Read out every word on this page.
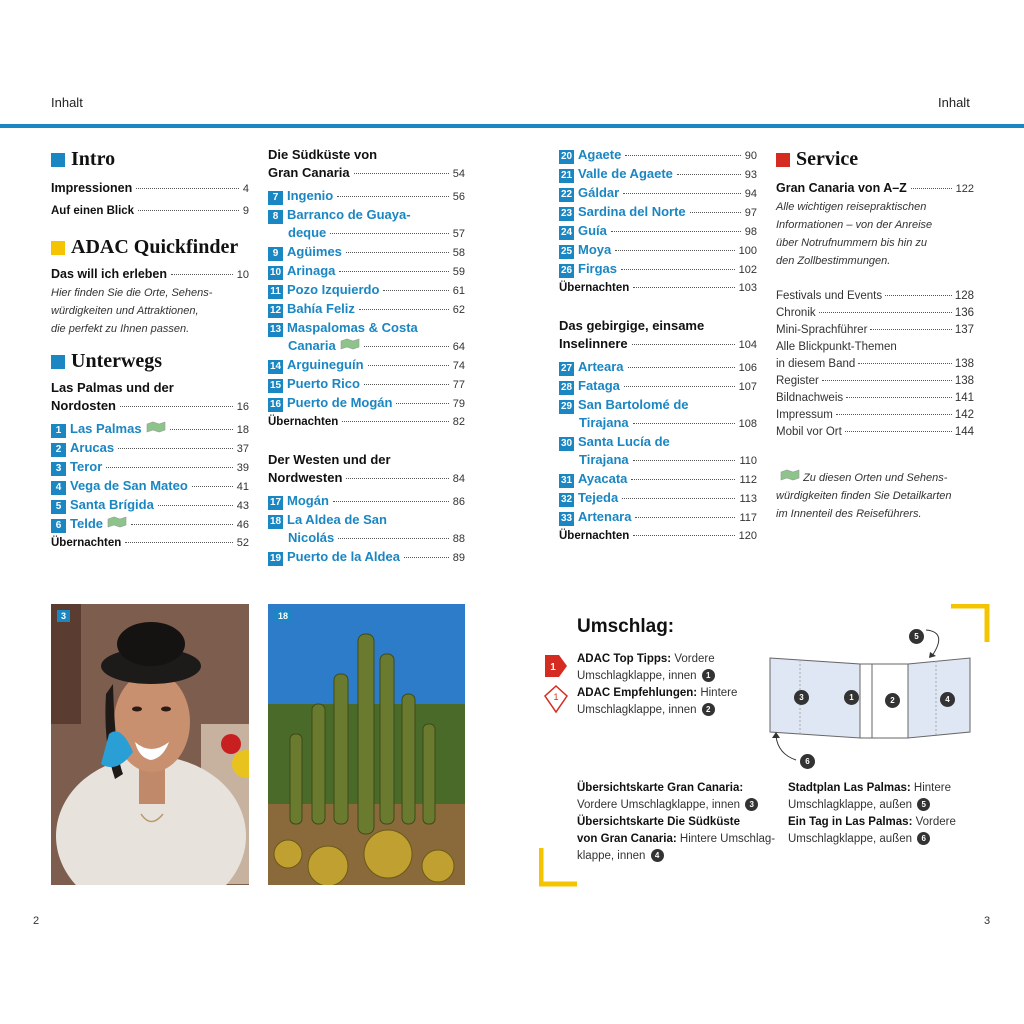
Inhalt	Inhalt
Intro
Impressionen	4
Auf einen Blick	9
ADAC Quickfinder
Das will ich erleben	10
Hier finden Sie die Orte, Sehens-
würdigkeiten und Attraktionen,
die perfekt zu Ihnen passen.
Unterwegs
Las Palmas und der
Nordosten	16
1 Las Palmas	18
2 Arucas	37
3 Teror	39
4 Vega de San Mateo	41
5 Santa Brígida	43
6 Telde	46
Übernachten	52
Die Südküste von
Gran Canaria	54
7 Ingenio	56
8 Barranco de Guaya-
deque	57
9 Agüimes	58
10 Arinaga	59
11 Pozo Izquierdo	61
12 Bahía Feliz	62
13 Maspalomas & Costa
Canaria	64
14 Arguineguín	74
15 Puerto Rico	77
16 Puerto de Mogán	79
Übernachten	82
Der Westen und der
Nordwesten	84
17 Mogán	86
18 La Aldea de San
Nicolás	88
19 Puerto de la Aldea	89
20 Agaete	90
21 Valle de Agaete	93
22 Gáldar	94
23 Sardina del Norte	97
24 Guía	98
25 Moya	100
26 Firgas	102
Übernachten	103
Das gebirgige, einsame
Inselinnere	104
27 Arteara	106
28 Fataga	107
29 San Bartolomé de
Tirajana	108
30 Santa Lucía de
Tirajana	110
31 Ayacata	112
32 Tejeda	113
33 Artenara	117
Übernachten	120
Service
Gran Canaria von A–Z	122
Alle wichtigen reisepraktischen
Informationen – von der Anreise
über Notrufnummern bis hin zu
den Zollbestimmungen.
Festivals und Events	128
Chronik	136
Mini-Sprachführer	137
Alle Blickpunkt-Themen
in diesem Band	138
Register	138
Bildnachweis	141
Impressum	142
Mobil vor Ort	144
Zu diesen Orten und Sehens-
würdigkeiten finden Sie Detailkarten
im Innenteil des Reiseführers.
3	18	Umschlag:
1
1
ADAC Top Tipps: Vordere
Umschlagklappe, innen 1
ADAC Empfehlungen: Hintere
Umschlagklappe, innen 2
1	2
3	4
5
6
Übersichtskarte Gran Canaria:
Vordere Umschlagklappe, innen 3
Übersichtskarte Die Südküste
von Gran Canaria: Hintere Umschlag-
klappe, innen 4
Stadtplan Las Palmas: Hintere
Umschlagklappe, außen 5
Ein Tag in Las Palmas: Vordere
Umschlagklappe, außen 6
2	3
